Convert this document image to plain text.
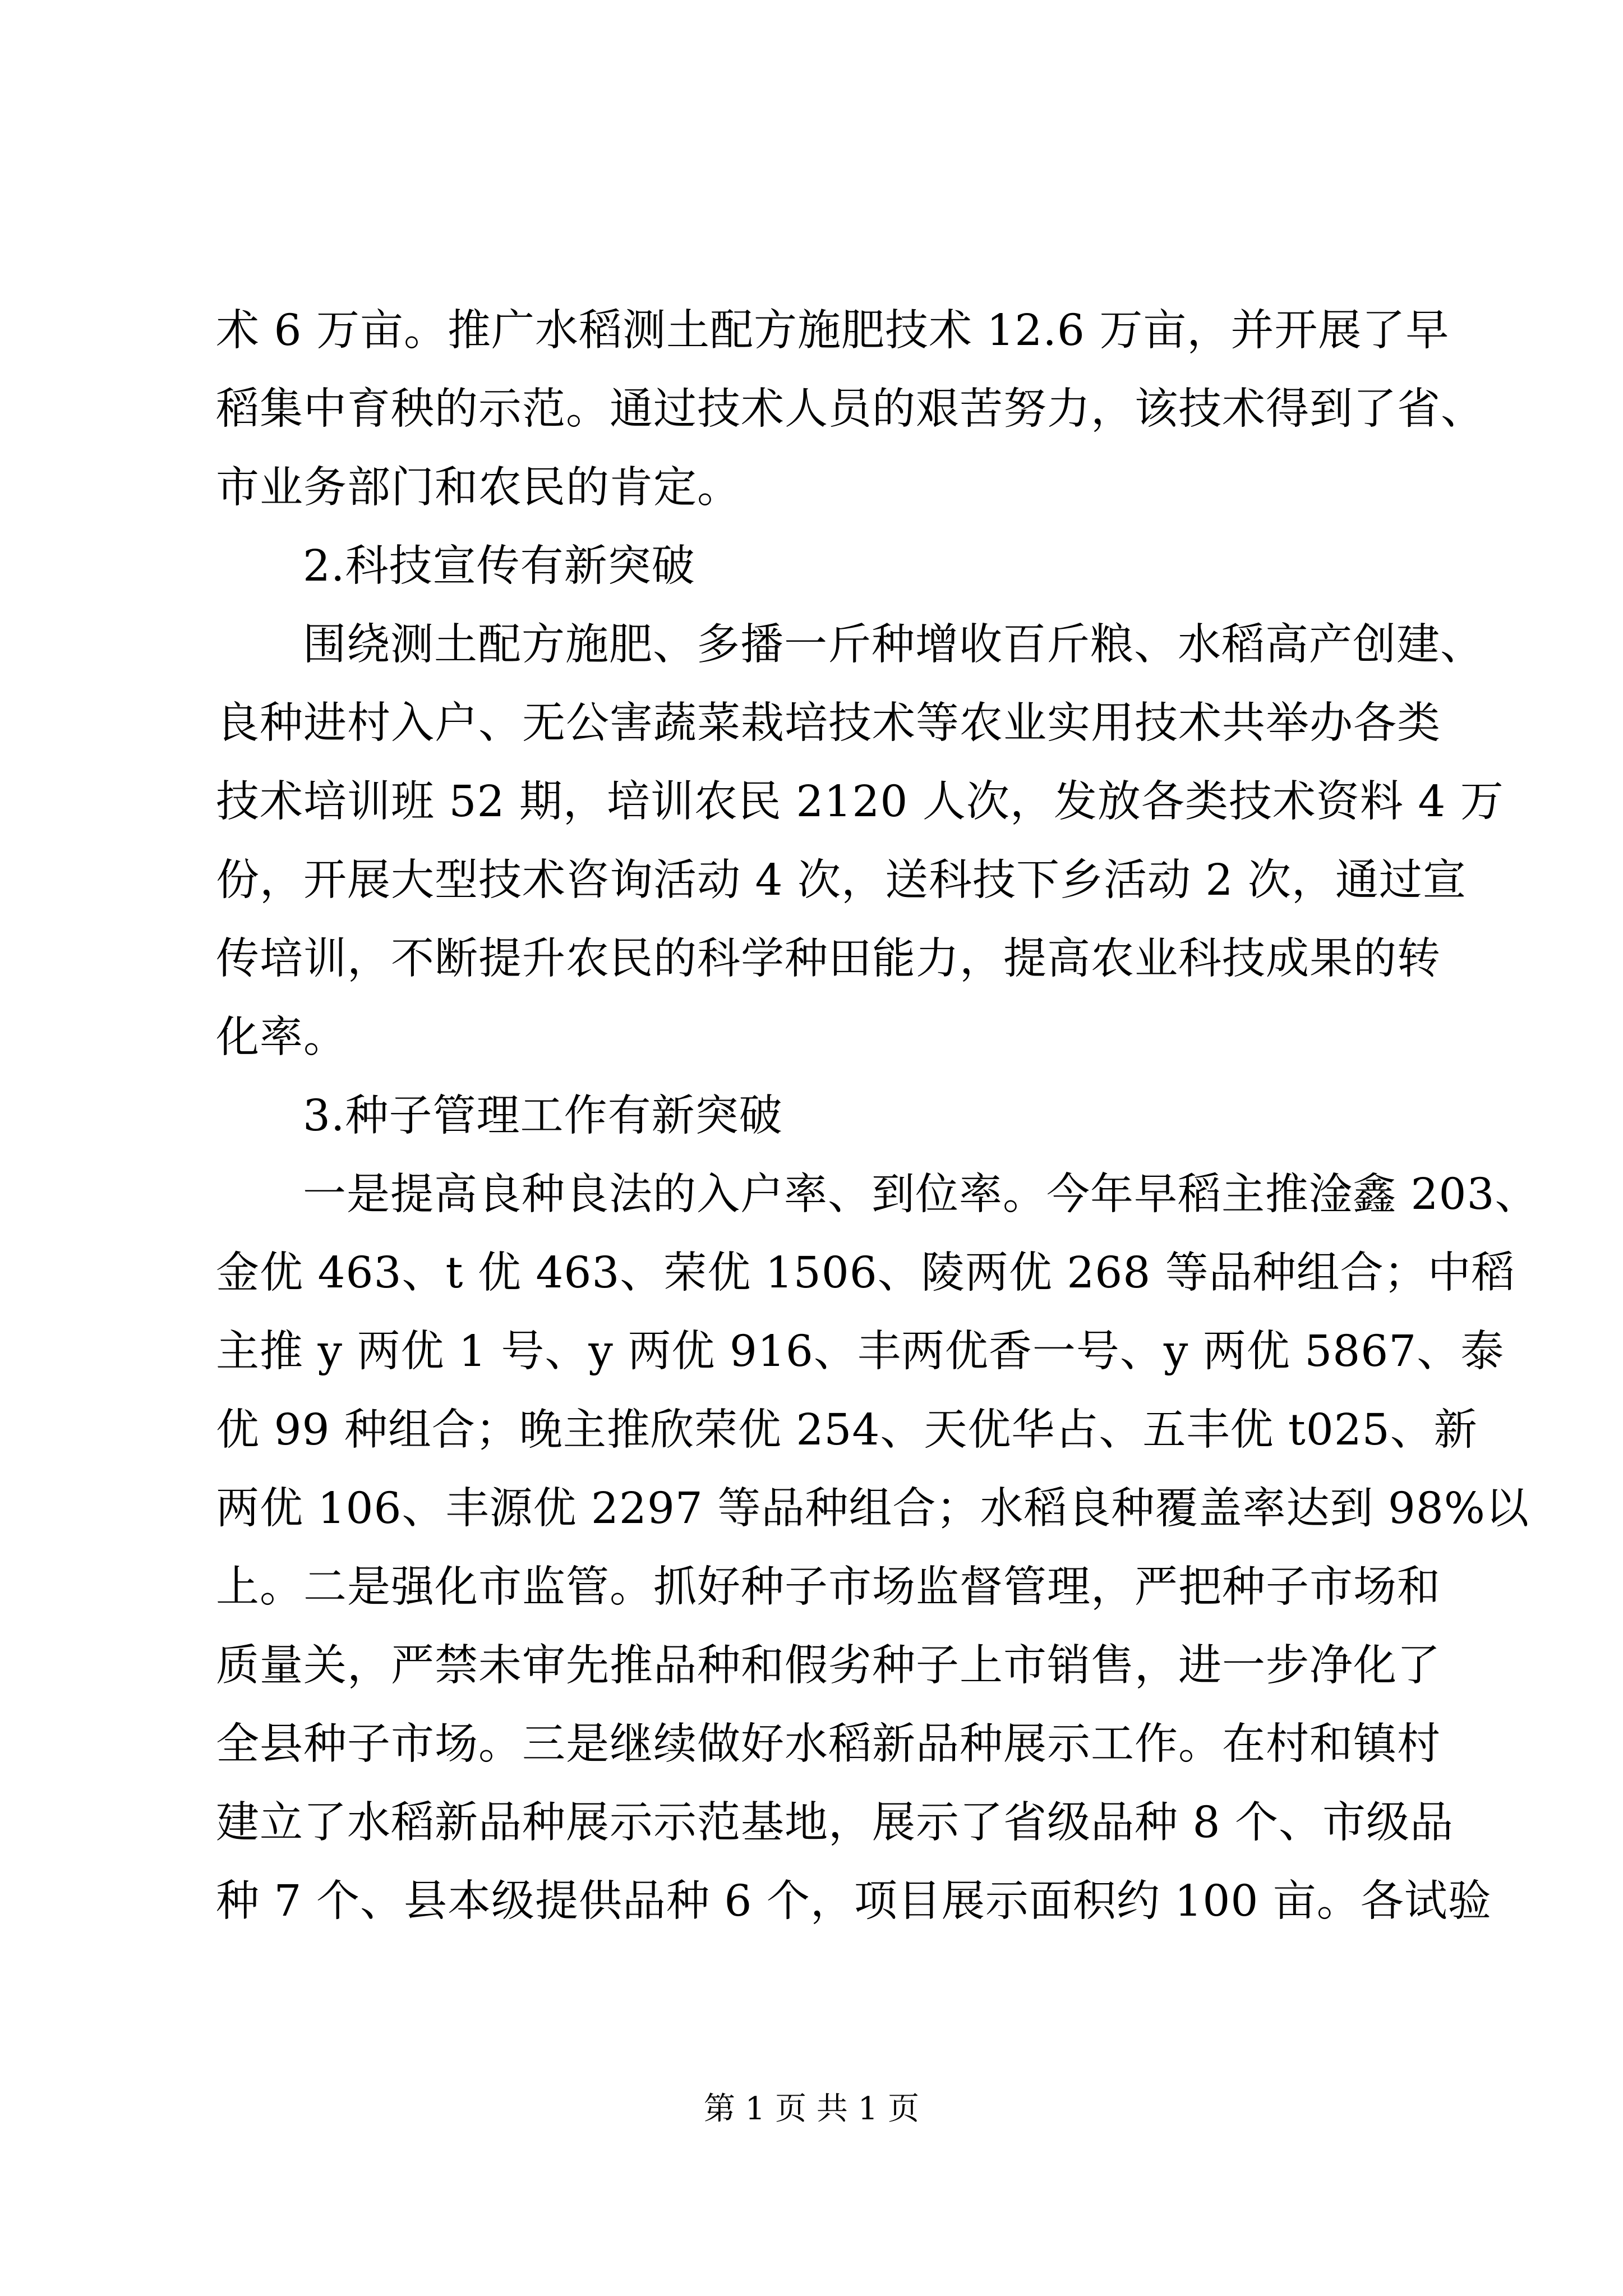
术 6 万亩。推广水稻测土配方施肥技术 12.6 万亩，并开展了早
稻集中育秧的示范。通过技术人员的艰苦努力，该技术得到了省、
市业务部门和农民的肯定。
2.科技宣传有新突破
围绕测土配方施肥、多播一斤种增收百斤粮、水稻高产创建、
良种进村入户、无公害蔬菜栽培技术等农业实用技术共举办各类
技术培训班 52 期，培训农民 2120 人次，发放各类技术资料 4 万
份，开展大型技术咨询活动 4 次，送科技下乡活动 2 次，通过宣
传培训，不断提升农民的科学种田能力，提高农业科技成果的转
化率。
3.种子管理工作有新突破
一是提高良种良法的入户率、到位率。今年早稻主推淦鑫 203、
金优 463、t 优 463、荣优 1506、陵两优 268 等品种组合；中稻
主推 y 两优 1 号、y 两优 916、丰两优香一号、y 两优 5867、泰
优 99 种组合；晚主推欣荣优 254、天优华占、五丰优 t025、新
两优 106、丰源优 2297 等品种组合；水稻良种覆盖率达到 98%以
上。二是强化市监管。抓好种子市场监督管理，严把种子市场和
质量关，严禁未审先推品种和假劣种子上市销售，进一步净化了
全县种子市场。三是继续做好水稻新品种展示工作。在村和镇村
建立了水稻新品种展示示范基地，展示了省级品种 8 个、市级品
种 7 个、县本级提供品种 6 个，项目展示面积约 100 亩。各试验
第 1 页 共 1 页
